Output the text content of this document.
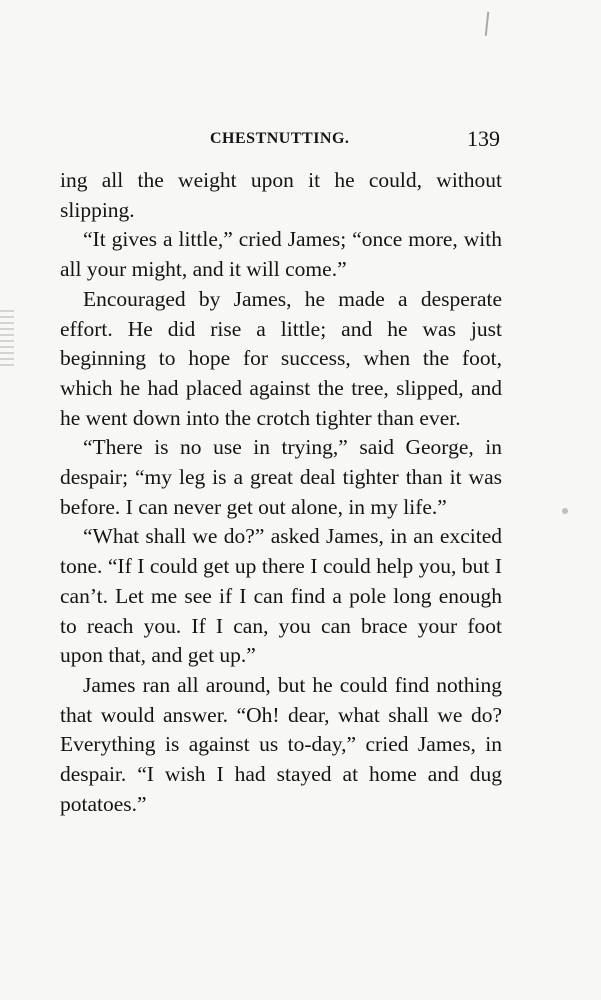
CHESTNUTTING.	139

ing all the weight upon it he could, without slipping.

“It gives a little,” cried James; “once more, with all your might, and it will come.”

Encouraged by James, he made a desperate effort. He did rise a little; and he was just beginning to hope for success, when the foot, which he had placed against the tree, slipped, and he went down into the crotch tighter than ever.

“There is no use in trying,” said George, in despair; “my leg is a great deal tighter than it was before. I can never get out alone, in my life.”

“What shall we do?” asked James, in an excited tone. “If I could get up there I could help you, but I can’t. Let me see if I can find a pole long enough to reach you. If I can, you can brace your foot upon that, and get up.”

James ran all around, but he could find nothing that would answer. “Oh! dear, what shall we do? Everything is against us to-day,” cried James, in despair. “I wish I had stayed at home and dug potatoes.”
